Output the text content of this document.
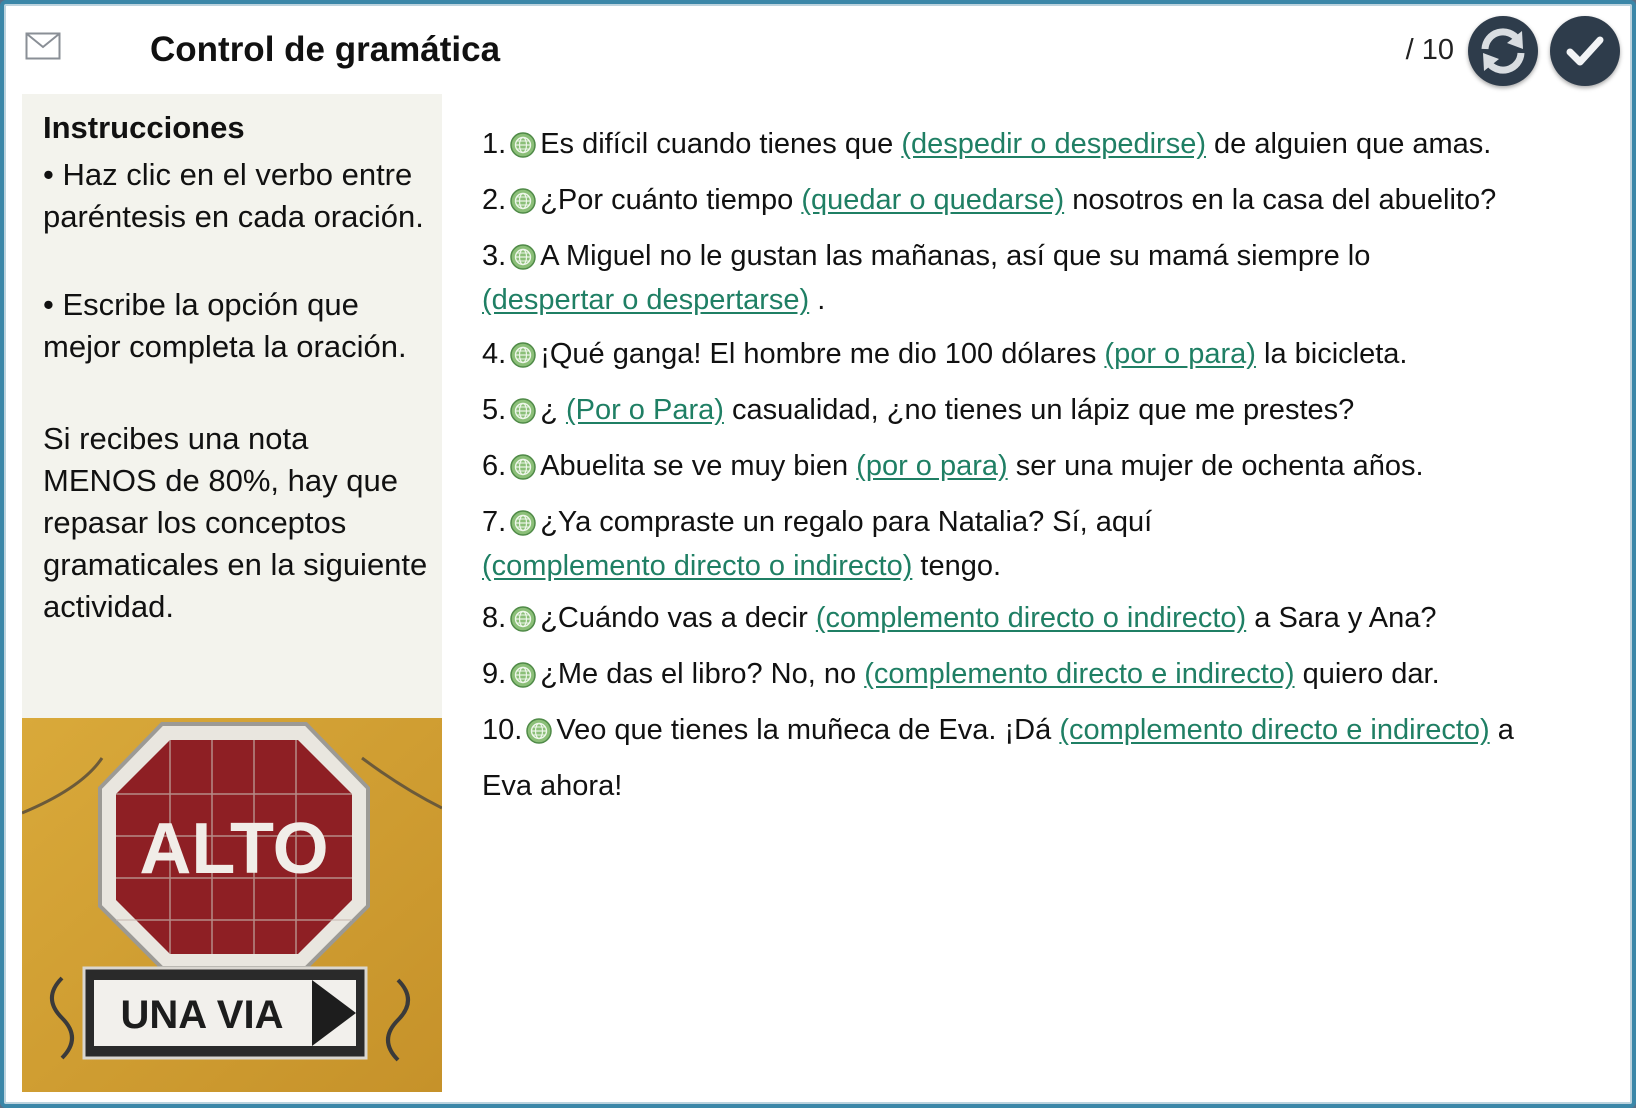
Control de gramática	/ 10
Instrucciones
• Haz clic en el verbo entre paréntesis en cada oración.
• Escribe la opción que mejor completa la oración.
Si recibes una nota MENOS de 80%, hay que repasar los conceptos gramaticales en la siguiente actividad.
ALTO
UNA VIA
1. Es difícil cuando tienes que (despedir o despedirse) de alguien que amas.
2. ¿Por cuánto tiempo (quedar o quedarse) nosotros en la casa del abuelito?
3. A Miguel no le gustan las mañanas, así que su mamá siempre lo
(despertar o despertarse) .
4. ¡Qué ganga! El hombre me dio 100 dólares (por o para) la bicicleta.
5. ¿ (Por o Para) casualidad, ¿no tienes un lápiz que me prestes?
6. Abuelita se ve muy bien (por o para) ser una mujer de ochenta años.
7. ¿Ya compraste un regalo para Natalia? Sí, aquí
(complemento directo o indirecto) tengo.
8. ¿Cuándo vas a decir (complemento directo o indirecto) a Sara y Ana?
9. ¿Me das el libro? No, no (complemento directo e indirecto) quiero dar.
10. Veo que tienes la muñeca de Eva. ¡Dá (complemento directo e indirecto) a
Eva ahora!
